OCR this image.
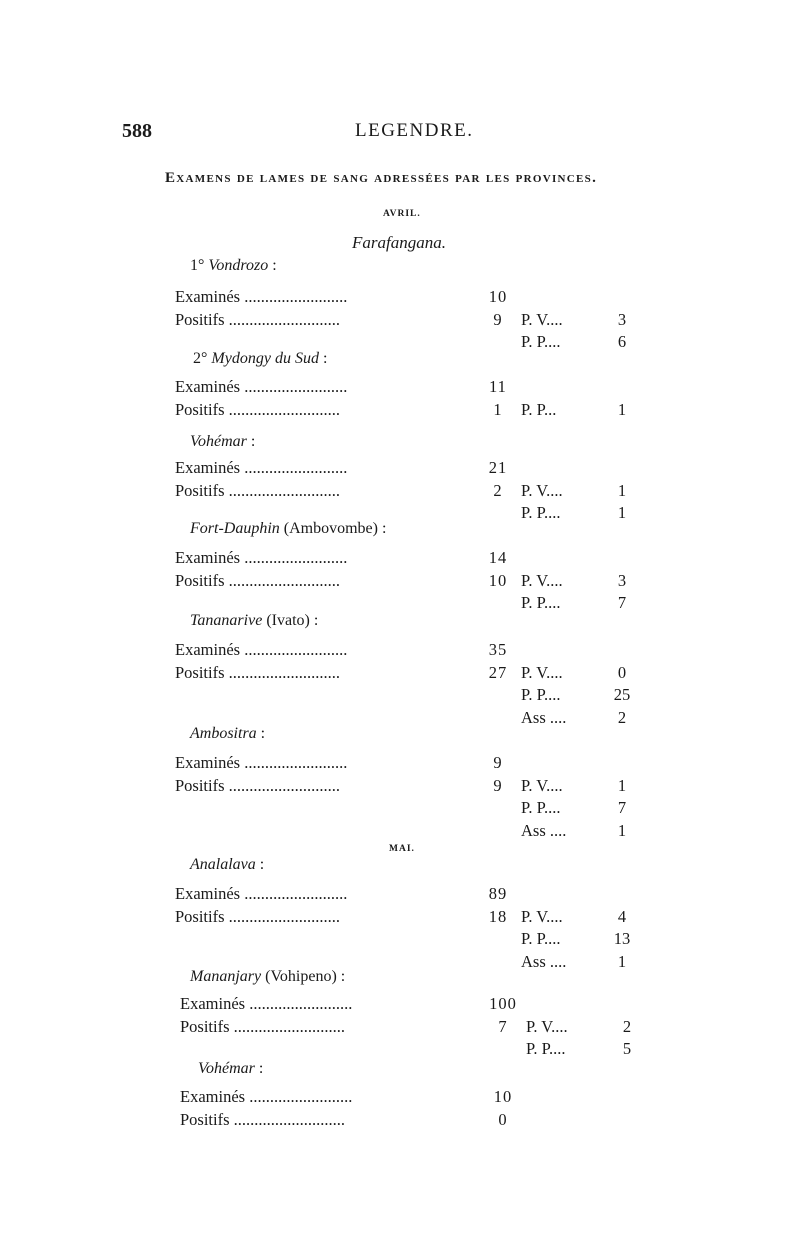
588	LEGENDRE.
Examens de lames de sang adressées par les provinces.
AVRIL.
Farafangana.
1° Vondrozo :
Examinés .........................	10
Positifs ...........................	9	P. V....	3
P. P....	6
2° Mydongy du Sud :
Examinés .........................	11
Positifs ...........................	1	P. P...	1
Vohémar :
Examinés .........................	21
Positifs ...........................	2	P. V....	1
P. P....	1
Fort-Dauphin (Ambovombe) :
Examinés .........................	14
Positifs ...........................	10 P. V....	3
P. P....	7
Tananarive (Ivato) :
Examinés .........................	35
Positifs ...........................	27 P. V....	0
P. P....	25
Ass ....	2
Ambositra :
Examinés .........................	9
Positifs ...........................	9	P. V....	1
P. P....	7
Ass ....	1
MAI.
Analalava :
Examinés .........................	89
Positifs ...........................	18 P. V....	4
P. P....	13
Ass ....	1
Mananjary (Vohipeno) :
Examinés .........................	100
Positifs ...........................	7	P. V....	2
P. P....	5
Vohémar :
Examinés .........................	10
Positifs ...........................	0
